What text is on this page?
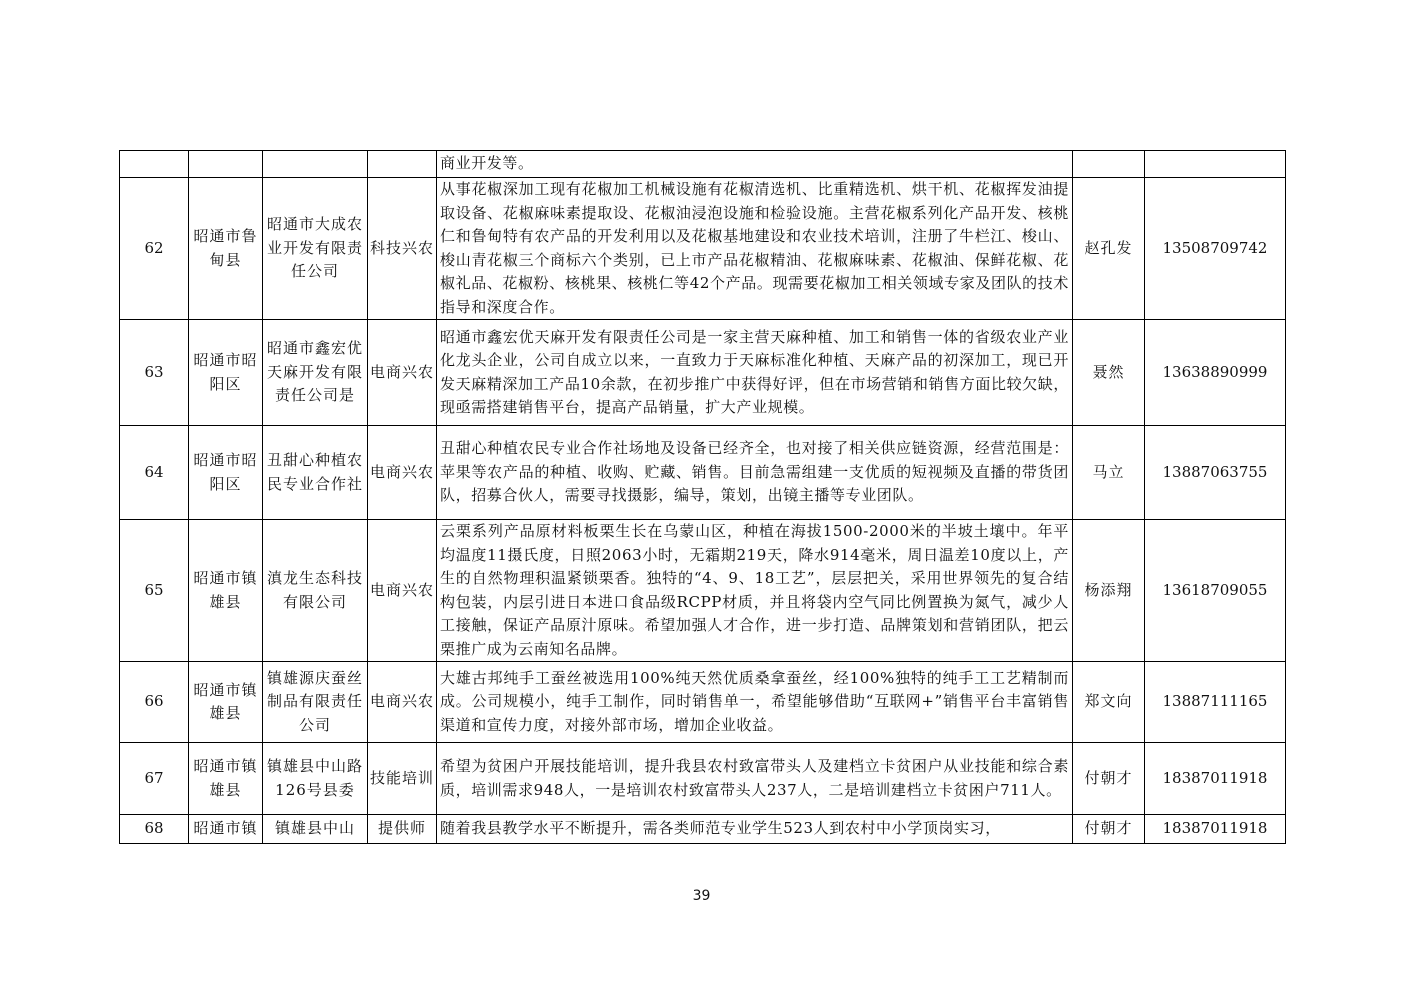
				商业开发等。		
62	昭通市鲁甸县	昭通市大成农业开发有限责任公司	科技兴农	从事花椒深加工现有花椒加工机械设施有花椒清选机、比重精选机、烘干机、花椒挥发油提取设备、花椒麻味素提取设、花椒油浸泡设施和检验设施。主营花椒系列化产品开发、核桃仁和鲁甸特有农产品的开发利用以及花椒基地建设和农业技术培训，注册了牛栏江、梭山、梭山青花椒三个商标六个类别，已上市产品花椒精油、花椒麻味素、花椒油、保鲜花椒、花椒礼品、花椒粉、核桃果、核桃仁等42个产品。现需要花椒加工相关领域专家及团队的技术指导和深度合作。	赵孔发	13508709742
63	昭通市昭阳区	昭通市鑫宏优天麻开发有限责任公司是	电商兴农	昭通市鑫宏优天麻开发有限责任公司是一家主营天麻种植、加工和销售一体的省级农业产业化龙头企业，公司自成立以来，一直致力于天麻标准化种植、天麻产品的初深加工，现已开发天麻精深加工产品10余款，在初步推广中获得好评，但在市场营销和销售方面比较欠缺，现亟需搭建销售平台，提高产品销量，扩大产业规模。	聂然	13638890999
64	昭通市昭阳区	丑甜心种植农民专业合作社	电商兴农	丑甜心种植农民专业合作社场地及设备已经齐全，也对接了相关供应链资源，经营范围是：苹果等农产品的种植、收购、贮藏、销售。目前急需组建一支优质的短视频及直播的带货团队，招募合伙人，需要寻找摄影，编导，策划，出镜主播等专业团队。	马立	13887063755
65	昭通市镇雄县	滇龙生态科技有限公司	电商兴农	云栗系列产品原材料板栗生长在乌蒙山区，种植在海拔1500-2000米的半坡土壤中。年平均温度11摄氏度，日照2063小时，无霜期219天，降水914毫米，周日温差10度以上，产生的自然物理积温紧锁栗香。独特的“4、9、18工艺”，层层把关，采用世界领先的复合结构包装，内层引进日本进口食品级RCPP材质，并且将袋内空气同比例置换为氮气，减少人工接触，保证产品原汁原味。希望加强人才合作，进一步打造、品牌策划和营销团队，把云栗推广成为云南知名品牌。	杨添翔	13618709055
66	昭通市镇雄县	镇雄源庆蚕丝制品有限责任公司	电商兴农	大雄古邦纯手工蚕丝被选用100%纯天然优质桑拿蚕丝，经100%独特的纯手工工艺精制而成。公司规模小，纯手工制作，同时销售单一，希望能够借助“互联网+”销售平台丰富销售渠道和宣传力度，对接外部市场，增加企业收益。	郑文向	13887111165
67	昭通市镇雄县	镇雄县中山路126号县委	技能培训	希望为贫困户开展技能培训，提升我县农村致富带头人及建档立卡贫困户从业技能和综合素质，培训需求948人，一是培训农村致富带头人237人，二是培训建档立卡贫困户711人。	付朝才	18387011918
68	昭通市镇	镇雄县中山	提供师	随着我县教学水平不断提升，需各类师范专业学生523人到农村中小学顶岗实习，	付朝才	18387011918
39
